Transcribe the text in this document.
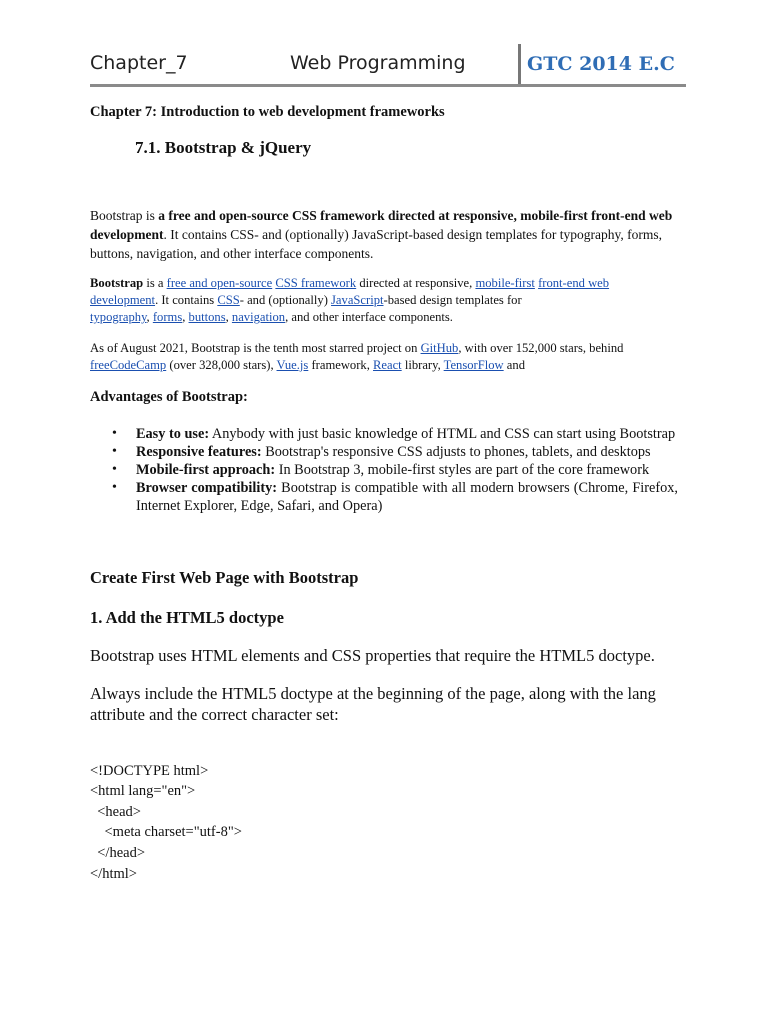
Chapter_7	Web Programming	GTC 2014 E.C
Chapter 7: Introduction to web development frameworks
7.1. Bootstrap & jQuery
Bootstrap is a free and open-source CSS framework directed at responsive, mobile-first front-end web development. It contains CSS- and (optionally) JavaScript-based design templates for typography, forms, buttons, navigation, and other interface components.
Bootstrap is a free and open-source CSS framework directed at responsive, mobile-first front-end web development. It contains CSS- and (optionally) JavaScript-based design templates for
typography, forms, buttons, navigation, and other interface components.
As of August 2021, Bootstrap is the tenth most starred project on GitHub, with over 152,000 stars, behind freeCodeCamp (over 328,000 stars), Vue.js framework, React library, TensorFlow and
Advantages of Bootstrap:
• Easy to use: Anybody with just basic knowledge of HTML and CSS can start using Bootstrap
• Responsive features: Bootstrap's responsive CSS adjusts to phones, tablets, and desktops
• Mobile-first approach: In Bootstrap 3, mobile-first styles are part of the core framework
• Browser compatibility: Bootstrap is compatible with all modern browsers (Chrome, Firefox, Internet Explorer, Edge, Safari, and Opera)
Create First Web Page with Bootstrap
1. Add the HTML5 doctype
Bootstrap uses HTML elements and CSS properties that require the HTML5 doctype.
Always include the HTML5 doctype at the beginning of the page, along with the lang attribute and the correct character set:

<!DOCTYPE html>
<html lang="en">
<head>
<meta charset="utf-8">
</head>
</html>
